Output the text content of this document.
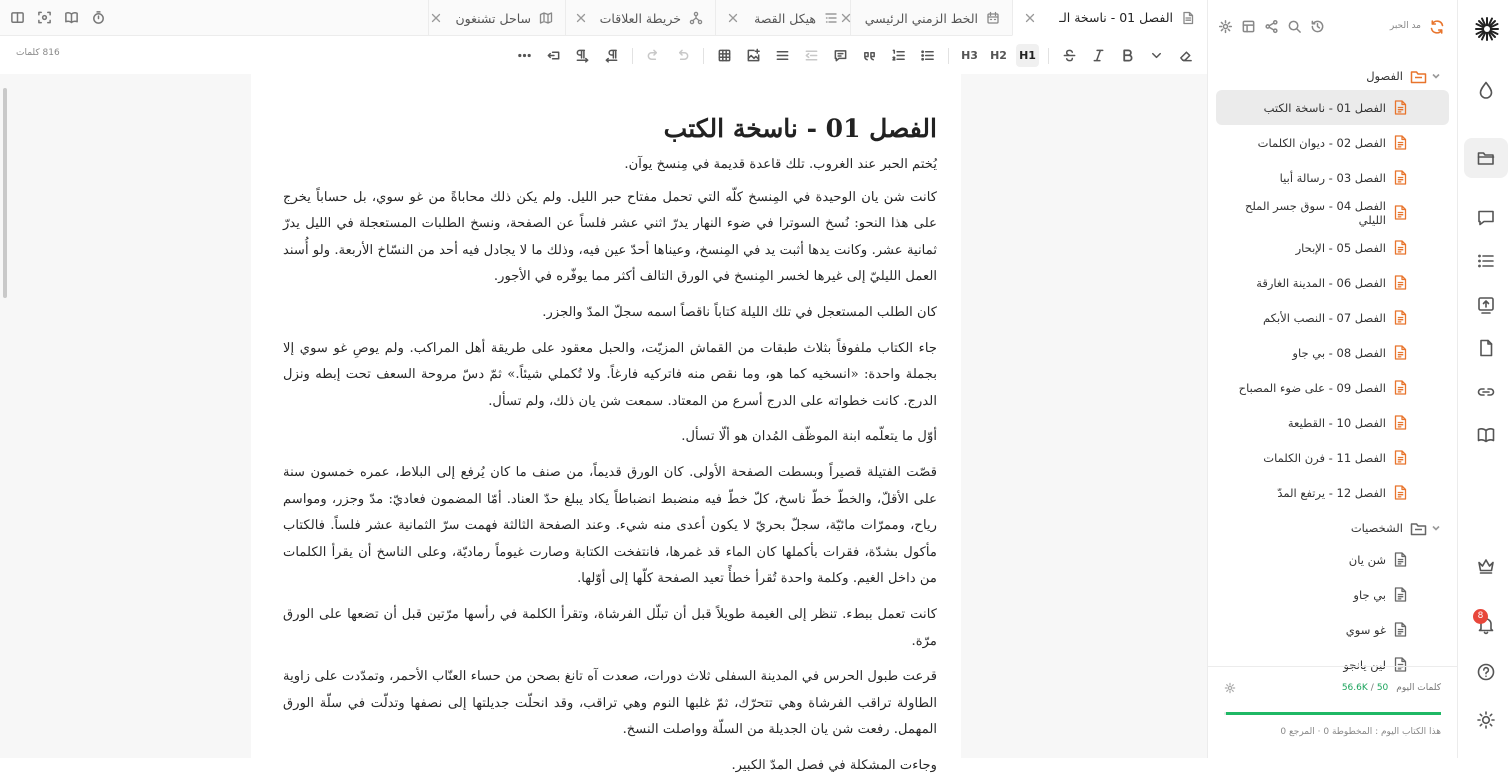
8
مد الحبر
الفصول
الفصل 01 - ناسخة الكتب
الفصل 02 - ديوان الكلمات
الفصل 03 - رسالة أبيا
الفصل 04 - سوق جسر الملح الليلي
الفصل 05 - الإبحار
الفصل 06 - المدينة الغارقة
الفصل 07 - النصب الأبكم
الفصل 08 - بي جاو
الفصل 09 - على ضوء المصباح
الفصل 10 - القطيعة
الفصل 11 - فرن الكلمات
الفصل 12 - يرتفع المدّ
الشخصيات
شن يان
بي جاو
غو سوي
لين يانجو
كلمات اليوم
50
/
56.6K
هذا الكتاب اليوم : المخطوطة 0 · المرجع 0
الفصل 01 - ناسخة الـ
الخط الزمني الرئيسي
هيكل القصة
خريطة العلاقات
ساحل تشنغون
H1
H2
H3
816 كلمات
الفصل 01 - ناسخة الكتب

يُختم الحبر عند الغروب. تلك قاعدة قديمة في مِنسخ يوآن.

كانت شن يان الوحيدة في المِنسخ كلّه التي تحمل مفتاح حبر الليل. ولم يكن ذلك محاباةً من غو سوي، بل حساباً يخرج على هذا النحو: نُسخ السوترا في ضوء النهار يدرّ اثني عشر فلساً عن الصفحة، ونسخ الطلبات المستعجلة في الليل يدرّ ثمانية عشر. وكانت يدها أثبت يد في المِنسخ، وعيناها أحدّ عين فيه، وذلك ما لا يجادل فيه أحد من النسّاخ الأربعة. ولو أُسند العمل الليليّ إلى غيرها لخسر المِنسخ في الورق التالف أكثر مما يوفّره في الأجور.

كان الطلب المستعجل في تلك الليلة كتاباً ناقصاً اسمه سجلّ المدّ والجزر.

جاء الكتاب ملفوفاً بثلاث طبقات من القماش المزيّت، والحبل معقود على طريقة أهل المراكب. ولم يوصِ غو سوي إلا بجملة واحدة: «انسخيه كما هو، وما نقص منه فاتركيه فارغاً. ولا تُكملي شيئاً.» ثمّ دسّ مروحة السعف تحت إبطه ونزل الدرج. كانت خطواته على الدرج أسرع من المعتاد. سمعت شن يان ذلك، ولم تسأل.

أوّل ما يتعلّمه ابنة الموظّف المُدان هو ألّا تسأل.

قصّت الفتيلة قصيراً وبسطت الصفحة الأولى. كان الورق قديماً، من صنف ما كان يُرفع إلى البلاط، عمره خمسون سنة على الأقلّ، والخطّ خطّ ناسخ، كلّ خطّ فيه منضبط انضباطاً يكاد يبلغ حدّ العناد. أمّا المضمون فعاديّ: مدّ وجزر، ومواسم رياح، وممرّات مائيّة، سجلّ بحريّ لا يكون أعدى منه شيء. وعند الصفحة الثالثة فهمت سرّ الثمانية عشر فلساً. فالكتاب مأكول بشدّة، فقرات بأكملها كان الماء قد غمرها، فانتفخت الكتابة وصارت غيوماً رماديّة، وعلى الناسخ أن يقرأ الكلمات من داخل الغيم. وكلمة واحدة تُقرأ خطأً تعيد الصفحة كلّها إلى أوّلها.

كانت تعمل ببطء. تنظر إلى الغيمة طويلاً قبل أن تبلّل الفرشاة، وتقرأ الكلمة في رأسها مرّتين قبل أن تضعها على الورق مرّة.

قرعت طبول الحرس في المدينة السفلى ثلاث دورات، صعدت آه تانغ بصحن من حساء العنّاب الأحمر، وتمدّدت على زاوية الطاولة تراقب الفرشاة وهي تتحرّك، ثمّ غلبها النوم وهي تراقب، وقد انحلّت جديلتها إلى نصفها وتدلّت في سلّة الورق المهمل. رفعت شن يان الجديلة من السلّة وواصلت النسخ.

وجاءت المشكلة في فصل المدّ الكبير.
